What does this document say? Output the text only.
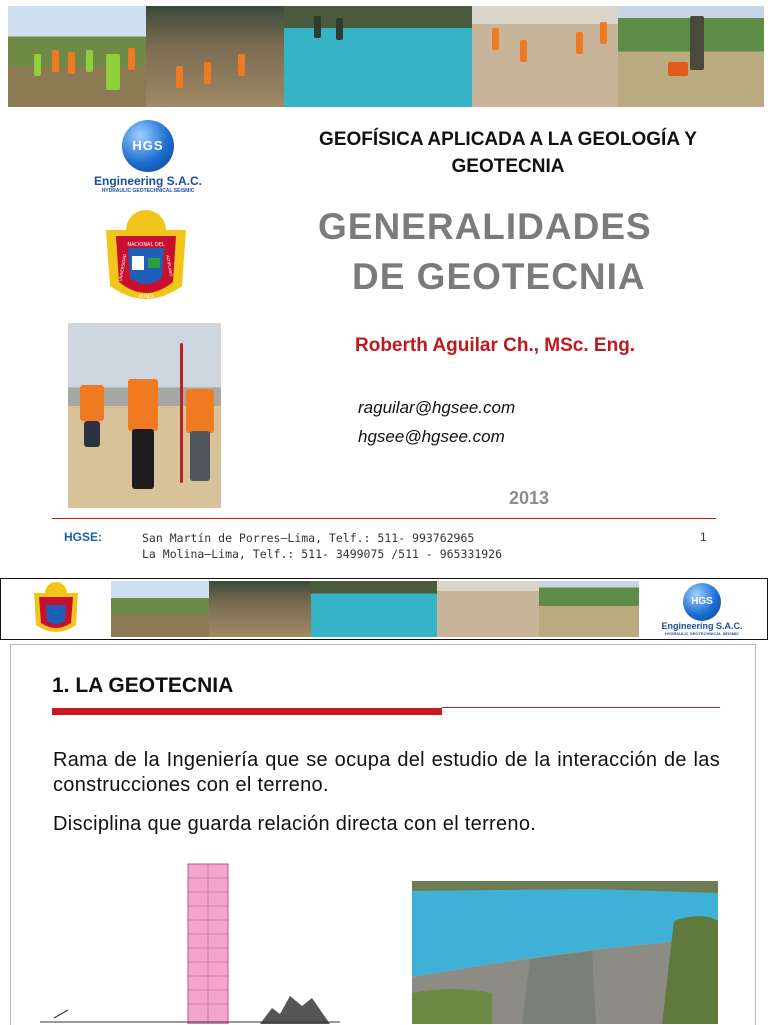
HGS
Engineering S.A.C.
HYDRAULIC GEOTECHNICAL SEISMIC
NACIONAL DEL
UNIVERSIDAD	ALTIPLANO
PUNO
GEOFÍSICA APLICADA A LA GEOLOGÍA Y GEOTECNIA
GENERALIDADES
DE GEOTECNIA
Roberth Aguilar Ch., MSc. Eng.
raguilar@hgsee.com
hgsee@hgsee.com
2013
HGSE:	San Martín de Porres–Lima, Telf.: 511- 993762965
La Molina–Lima, Telf.: 511- 3499075 /511 - 965331926
1
HGS
Engineering S.A.C.
HYDRAULIC GEOTECHNICAL SEISMIC
1. LA GEOTECNIA
Rama de la Ingeniería que se ocupa del estudio de la interacción de las construcciones con el terreno.
Disciplina que guarda relación directa con el terreno.
